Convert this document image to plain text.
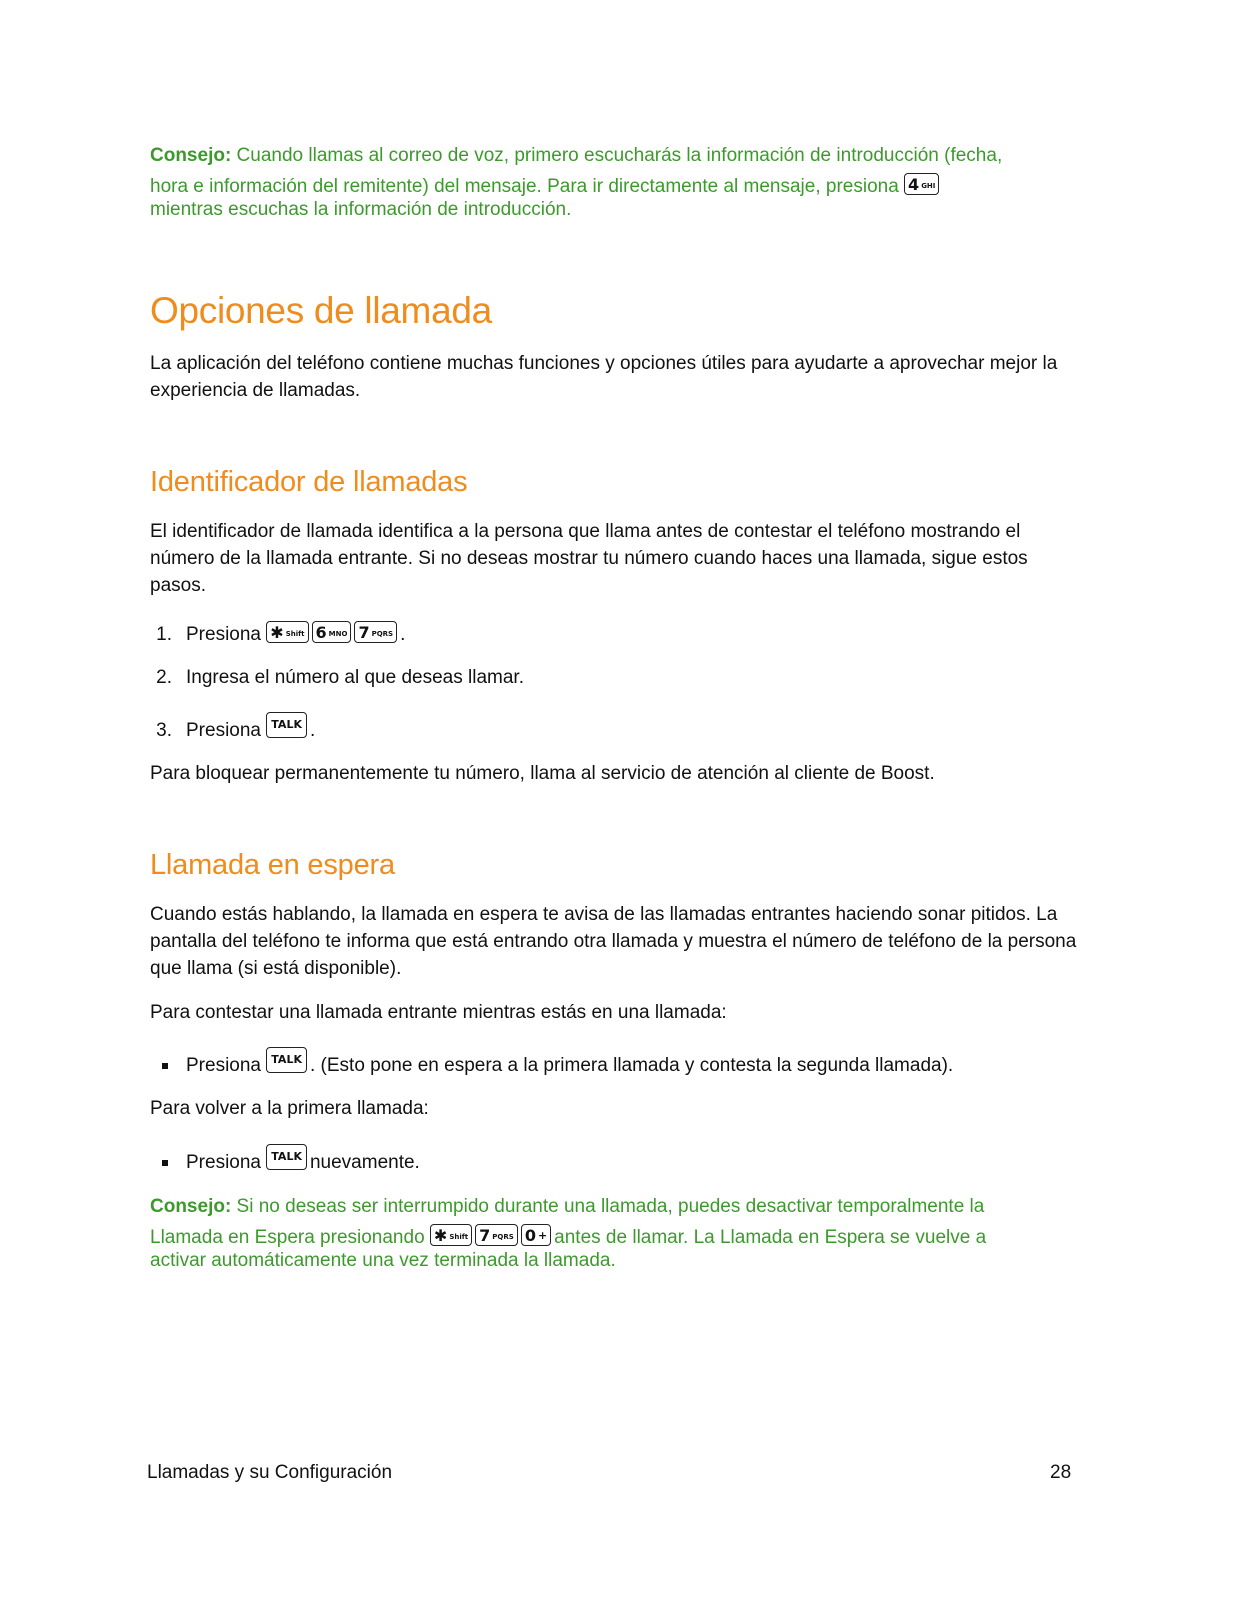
Consejo: Cuando llamas al correo de voz, primero escucharás la información de introducción (fecha,

hora e información del remitente) del mensaje. Para ir directamente al mensaje, presiona 4 GHI

mientras escuchas la información de introducción.

Opciones de llamada

La aplicación del teléfono contiene muchas funciones y opciones útiles para ayudarte a aprovechar mejor la experiencia de llamadas.

Identificador de llamadas

El identificador de llamada identifica a la persona que llama antes de contestar el teléfono mostrando el número de la llamada entrante. Si no deseas mostrar tu número cuando haces una llamada, sigue estos pasos.

1. Presiona ✱ Shift 6 MNO 7 PQRS .
2. Ingresa el número al que deseas llamar.
3. Presiona TALK .

Para bloquear permanentemente tu número, llama al servicio de atención al cliente de Boost.

Llamada en espera

Cuando estás hablando, la llamada en espera te avisa de las llamadas entrantes haciendo sonar pitidos. La pantalla del teléfono te informa que está entrando otra llamada y muestra el número de teléfono de la persona que llama (si está disponible).

Para contestar una llamada entrante mientras estás en una llamada:

Presiona TALK . (Esto pone en espera a la primera llamada y contesta la segunda llamada).

Para volver a la primera llamada:

Presiona TALK nuevamente.

Consejo: Si no deseas ser interrumpido durante una llamada, puedes desactivar temporalmente la

Llamada en Espera presionando ✱ Shift 7 PQRS 0 + antes de llamar. La Llamada en Espera se vuelve a

activar automáticamente una vez terminada la llamada.

Llamadas y su Configuración	28
